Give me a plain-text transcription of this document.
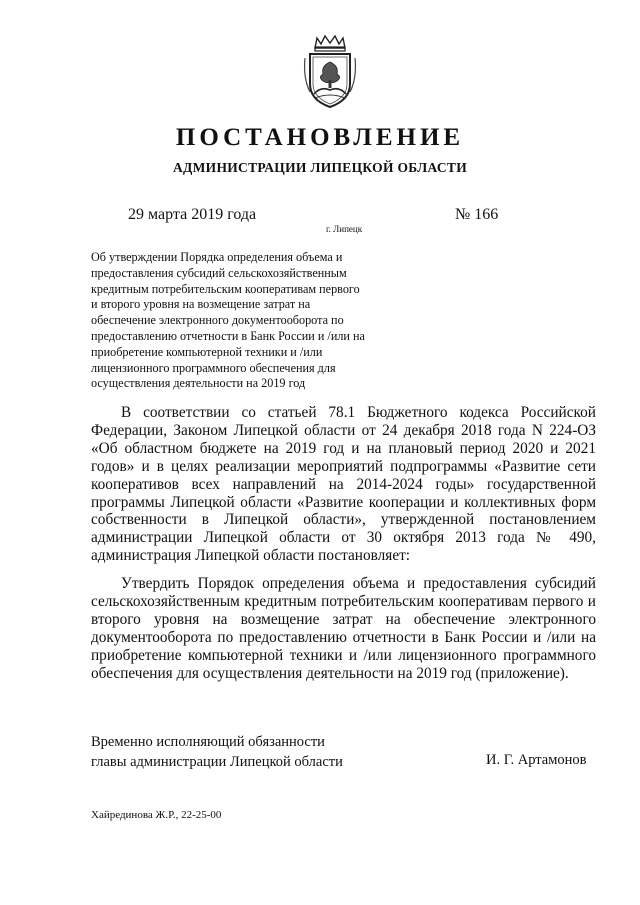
ПОСТАНОВЛЕНИЕ
АДМИНИСТРАЦИИ ЛИПЕЦКОЙ ОБЛАСТИ
29 марта 2019 года
г. Липецк
№ 166

Об утверждении Порядка определения объема и
предоставления субсидий сельскохозяйственным
кредитным потребительским кооперативам первого
и второго уровня на возмещение затрат на
обеспечение электронного документооборота по
предоставлению отчетности в Банк России и /или на
приобретение компьютерной техники и /или
лицензионного программного обеспечения для
осуществления деятельности на 2019 год

В соответствии со статьей 78.1 Бюджетного кодекса Российской
Федерации, Законом Липецкой области от 24 декабря 2018 года N 224-ОЗ
«Об областном бюджете на 2019 год и на плановый период 2020 и 2021
годов» и в целях реализации мероприятий подпрограммы «Развитие сети
кооперативов всех направлений на 2014-2024 годы» государственной
программы Липецкой области «Развитие кооперации и коллективных форм
собственности в Липецкой области», утвержденной постановлением
администрации Липецкой области от 30 октября 2013 года № 490,
администрация Липецкой области постановляет:

Утвердить Порядок определения объема и предоставления субсидий
сельскохозяйственным кредитным потребительским кооперативам первого и
второго уровня на возмещение затрат на обеспечение электронного
документооборота по предоставлению отчетности в Банк России и /или на
приобретение компьютерной техники и /или лицензионного программного
обеспечения для осуществления деятельности на 2019 год (приложение).

Временно исполняющий обязанности
главы администрации Липецкой области	И. Г. Артамонов
Хайрединова Ж.Р., 22-25-00
